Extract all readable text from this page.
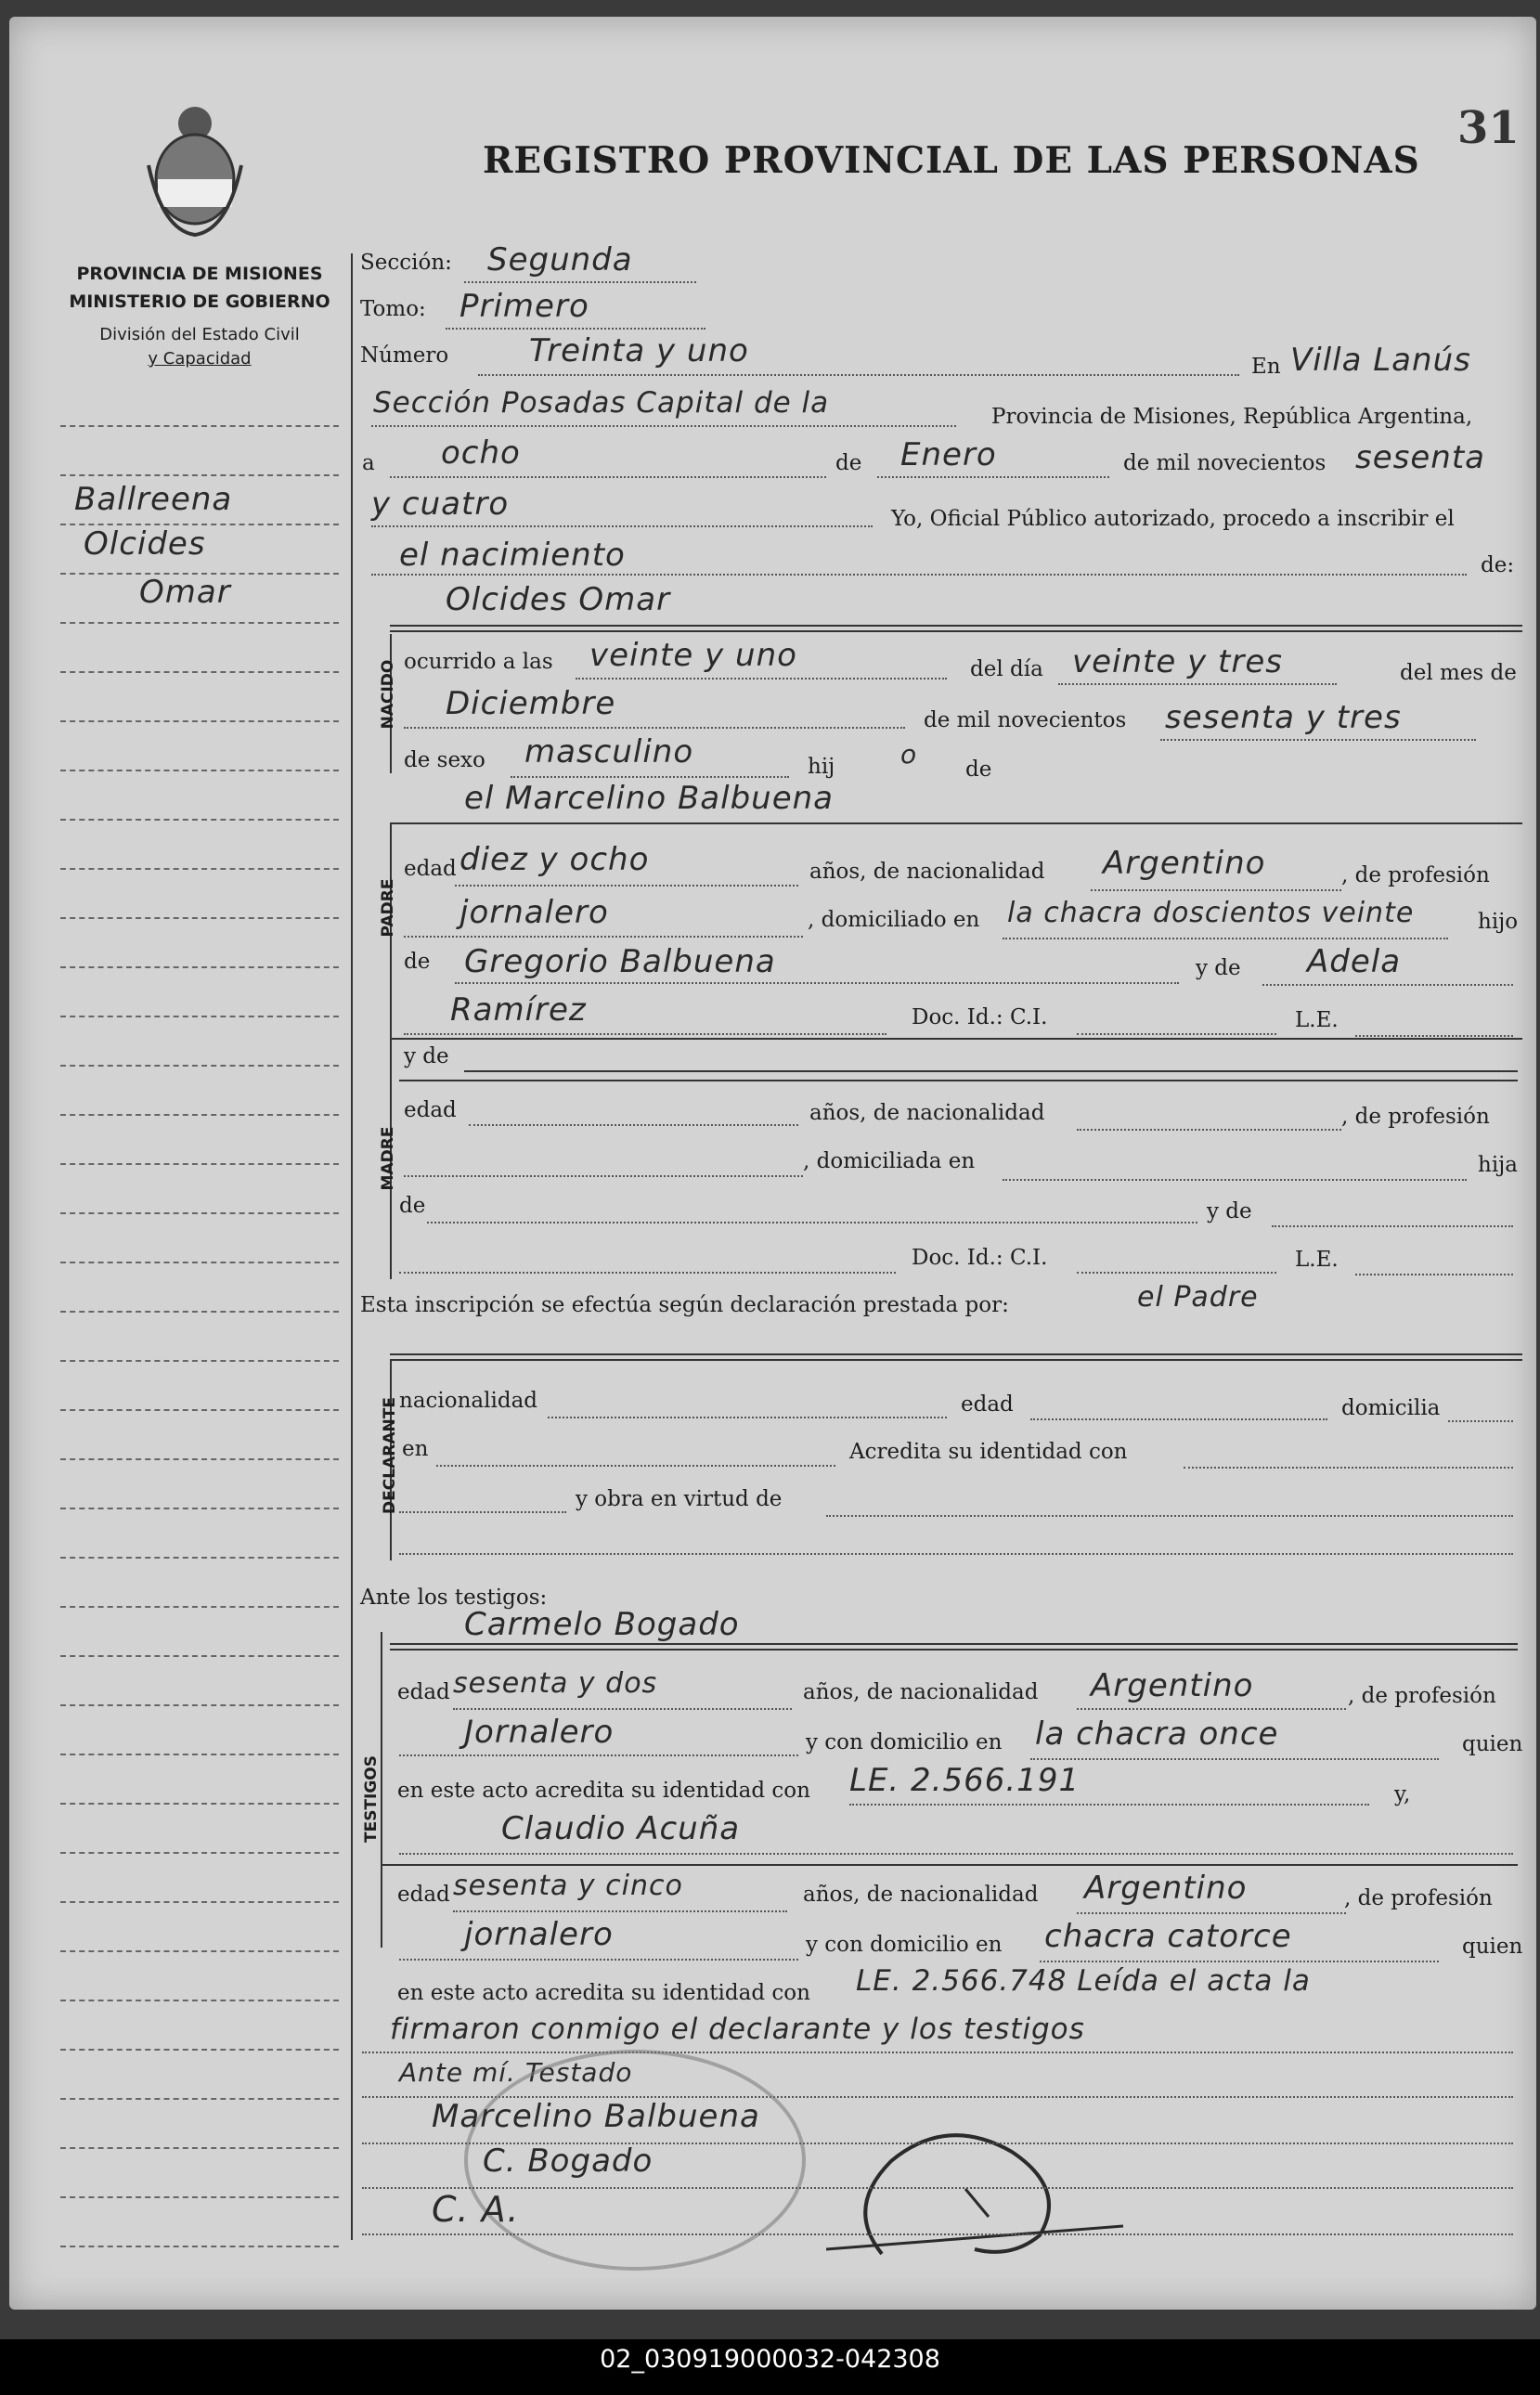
PROVINCIA DE MISIONES
MINISTERIO DE GOBIERNO
División del Estado Civil
y Capacidad
REGISTRO PROVINCIAL DE LAS PERSONAS
31
Ballreena
Olcides
Omar
Sección: Segunda
Tomo: Primero
Número	Treinta y uno	En Villa Lanús
Sección Posadas Capital de la	Provincia de Misiones, República Argentina,
a ocho	de Enero	de mil novecientos sesenta
y cuatro	Yo, Oficial Público autorizado, procedo a inscribir el
el nacimiento	de:
Olcides Omar
NACIDO ocurrido a las veinte y uno	del día veinte y tres	del mes de
Diciembre	de mil novecientos sesenta y tres
de sexo masculino	hij	o de
el Marcelino Balbuena
PADRE
edad diez y ocho	años, de nacionalidad Argentino	, de profesión
jornalero	, domiciliado en la chacra doscientos veinte	hijo
de Gregorio Balbuena	y de Adela
Ramírez	Doc. Id.: C.I.	L.E.
MADRE
y de
edad	años, de nacionalidad	, de profesión
, domiciliada en	hija
de	y de
Doc. Id.: C.I.	L.E.
Esta inscripción se efectúa según declaración prestada por:	el Padre
DECLARANTE nacionalidad	edad	domicilia
en	Acredita su identidad con
y obra en virtud de
Ante los testigos:
Carmelo Bogado
TESTIGOS
edad sesenta y dos	años, de nacionalidad Argentino	, de profesión
Jornalero	y con domicilio en la chacra once	quien
en este acto acredita su identidad con LE. 2.566.191	y,
Claudio Acuña
edad sesenta y cinco	años, de nacionalidad Argentino	, de profesión
jornalero	y con domicilio en chacra catorce	quien
en este acto acredita su identidad con LE. 2.566.748 Leída el acta la
firmaron conmigo el declarante y los testigos
Ante mí. Testado
Marcelino Balbuena
C. Bogado
C. A.
02_030919000032-042308
